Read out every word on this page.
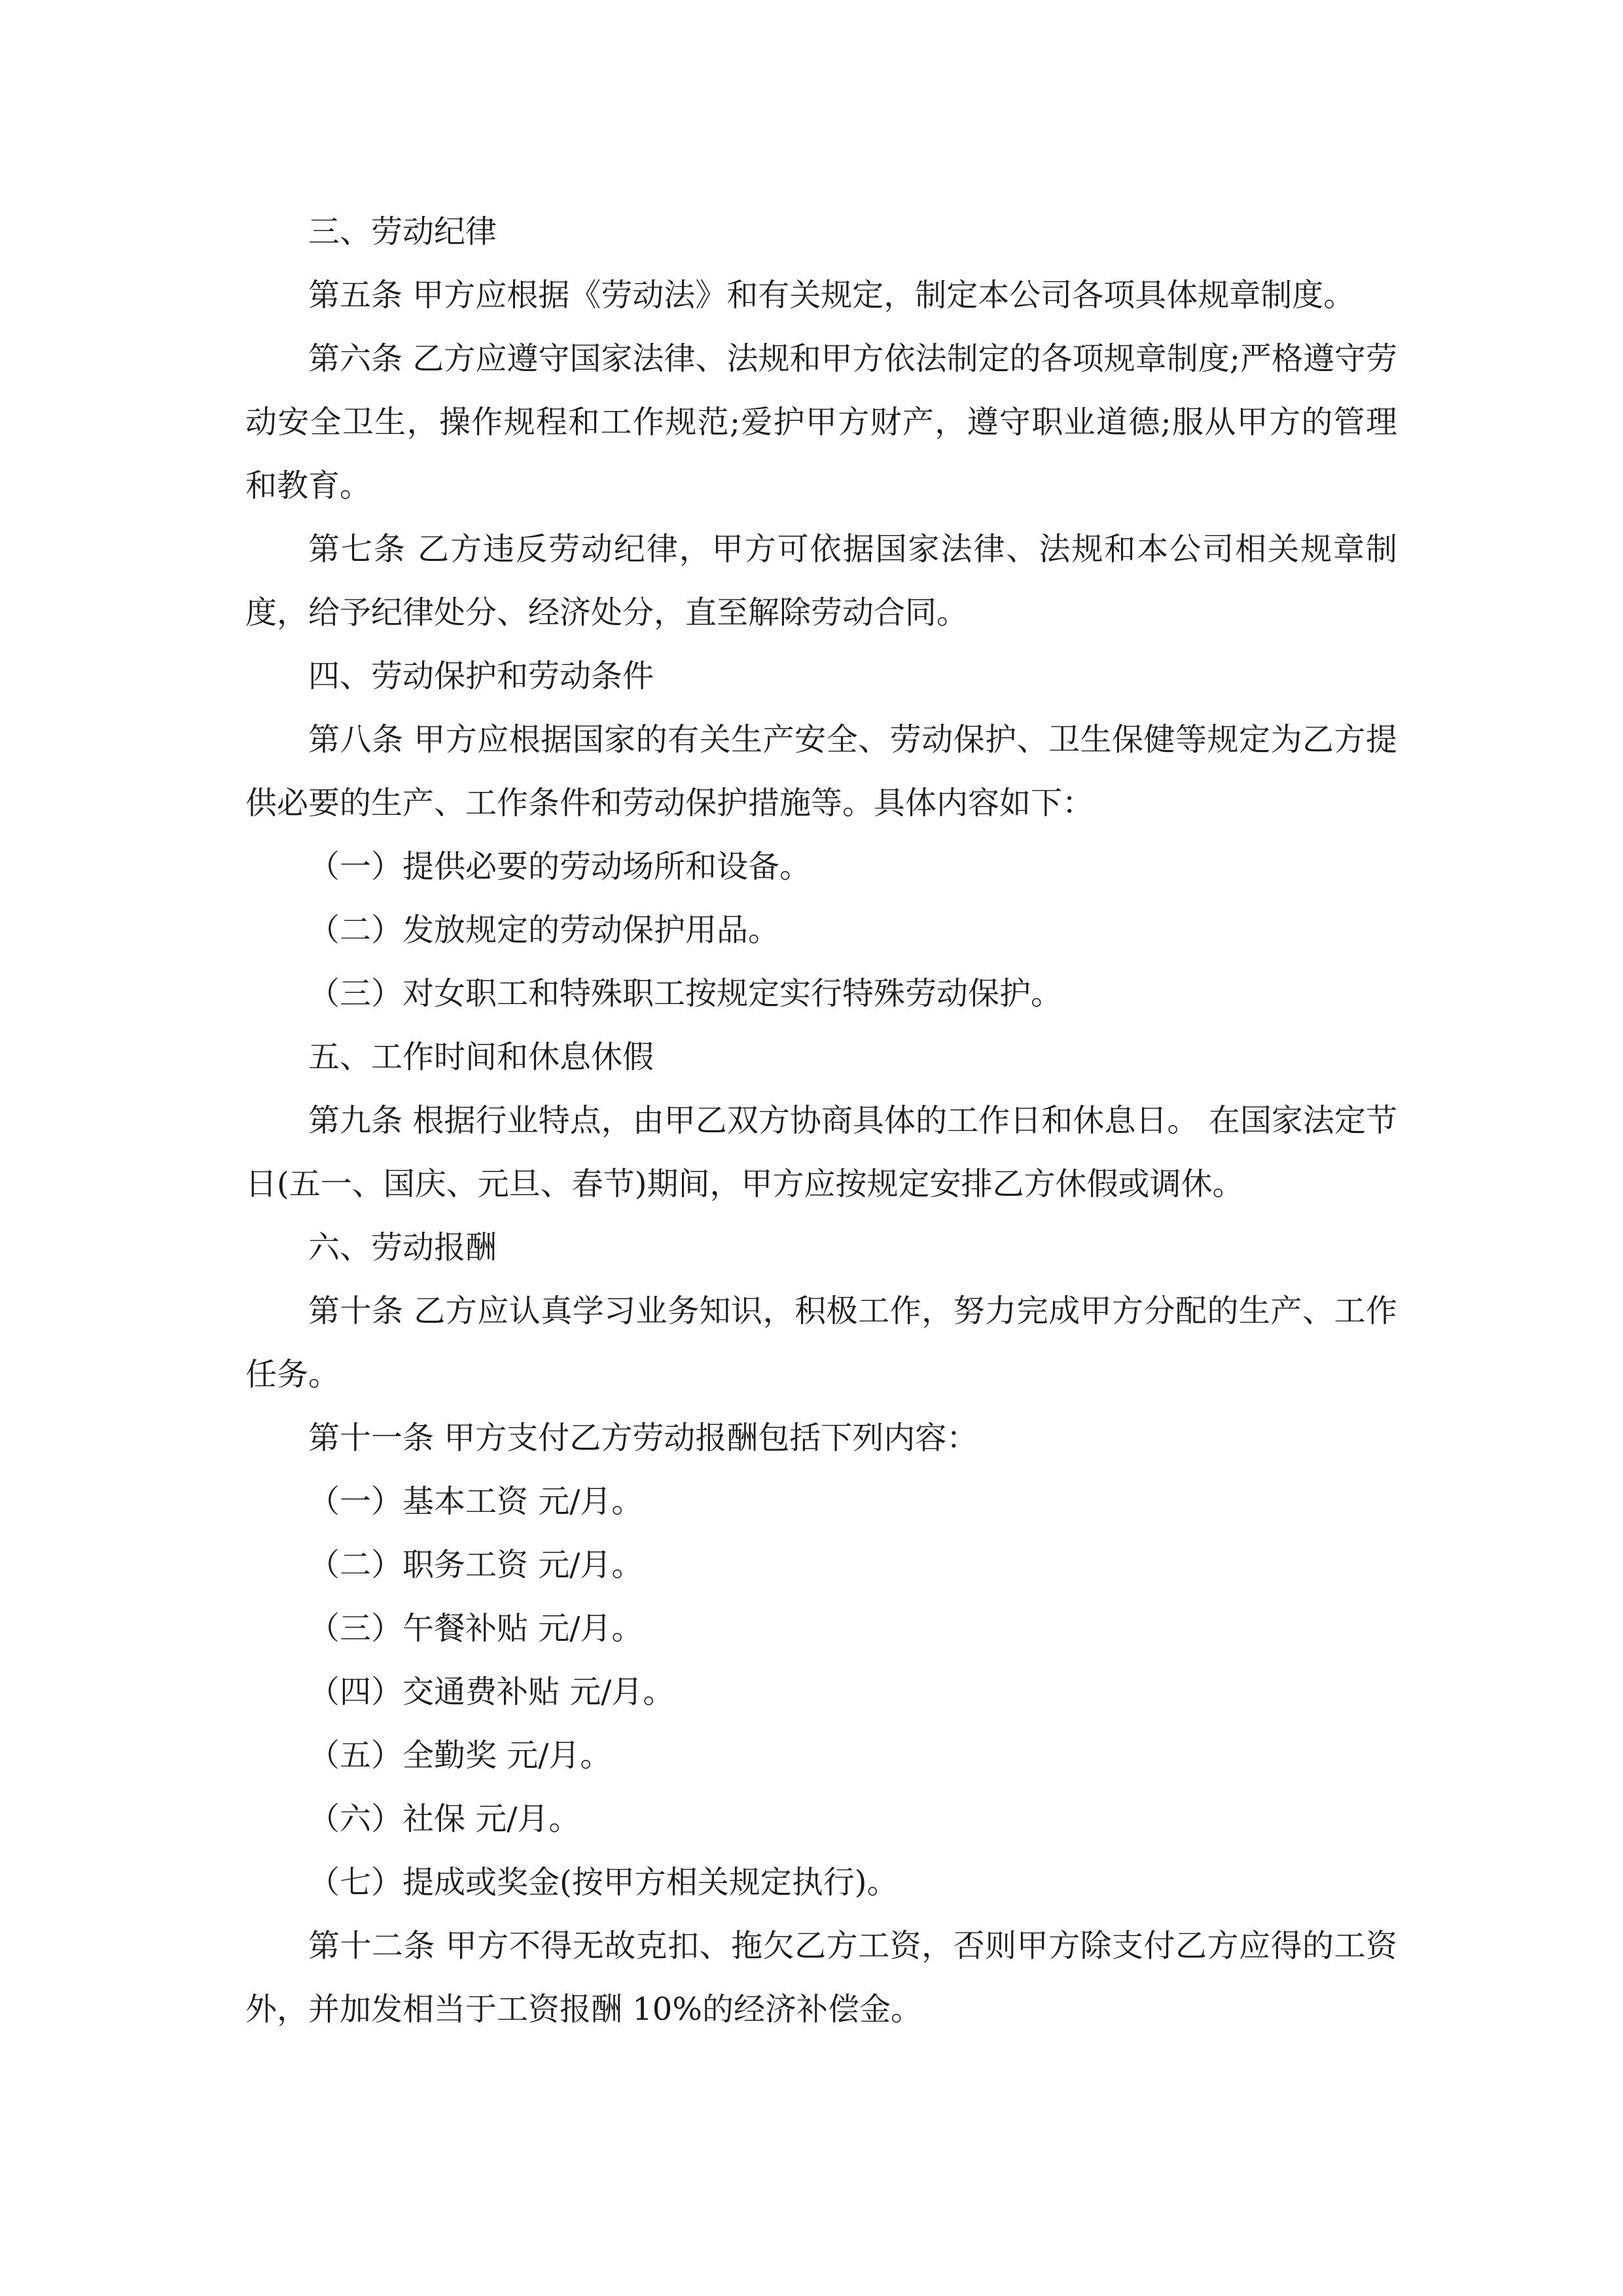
三、劳动纪律

第五条 甲方应根据《劳动法》和有关规定，制定本公司各项具体规章制度。

第六条 乙方应遵守国家法律、法规和甲方依法制定的各项规章制度;严格遵守劳动安全卫生，操作规程和工作规范;爱护甲方财产，遵守职业道德;服从甲方的管理和教育。

第七条 乙方违反劳动纪律，甲方可依据国家法律、法规和本公司相关规章制度，给予纪律处分、经济处分，直至解除劳动合同。

四、劳动保护和劳动条件

第八条 甲方应根据国家的有关生产安全、劳动保护、卫生保健等规定为乙方提供必要的生产、工作条件和劳动保护措施等。具体内容如下：

（一）提供必要的劳动场所和设备。

（二）发放规定的劳动保护用品。

（三）对女职工和特殊职工按规定实行特殊劳动保护。

五、工作时间和休息休假

第九条 根据行业特点，由甲乙双方协商具体的工作日和休息日。 在国家法定节日(五一、国庆、元旦、春节)期间，甲方应按规定安排乙方休假或调休。

六、劳动报酬

第十条 乙方应认真学习业务知识，积极工作，努力完成甲方分配的生产、工作任务。

第十一条 甲方支付乙方劳动报酬包括下列内容：

（一）基本工资 元/月。

（二）职务工资 元/月。

（三）午餐补贴 元/月。

（四）交通费补贴 元/月。

（五）全勤奖 元/月。

（六）社保 元/月。

（七）提成或奖金(按甲方相关规定执行)。

第十二条 甲方不得无故克扣、拖欠乙方工资，否则甲方除支付乙方应得的工资外，并加发相当于工资报酬 10%的经济补偿金。
